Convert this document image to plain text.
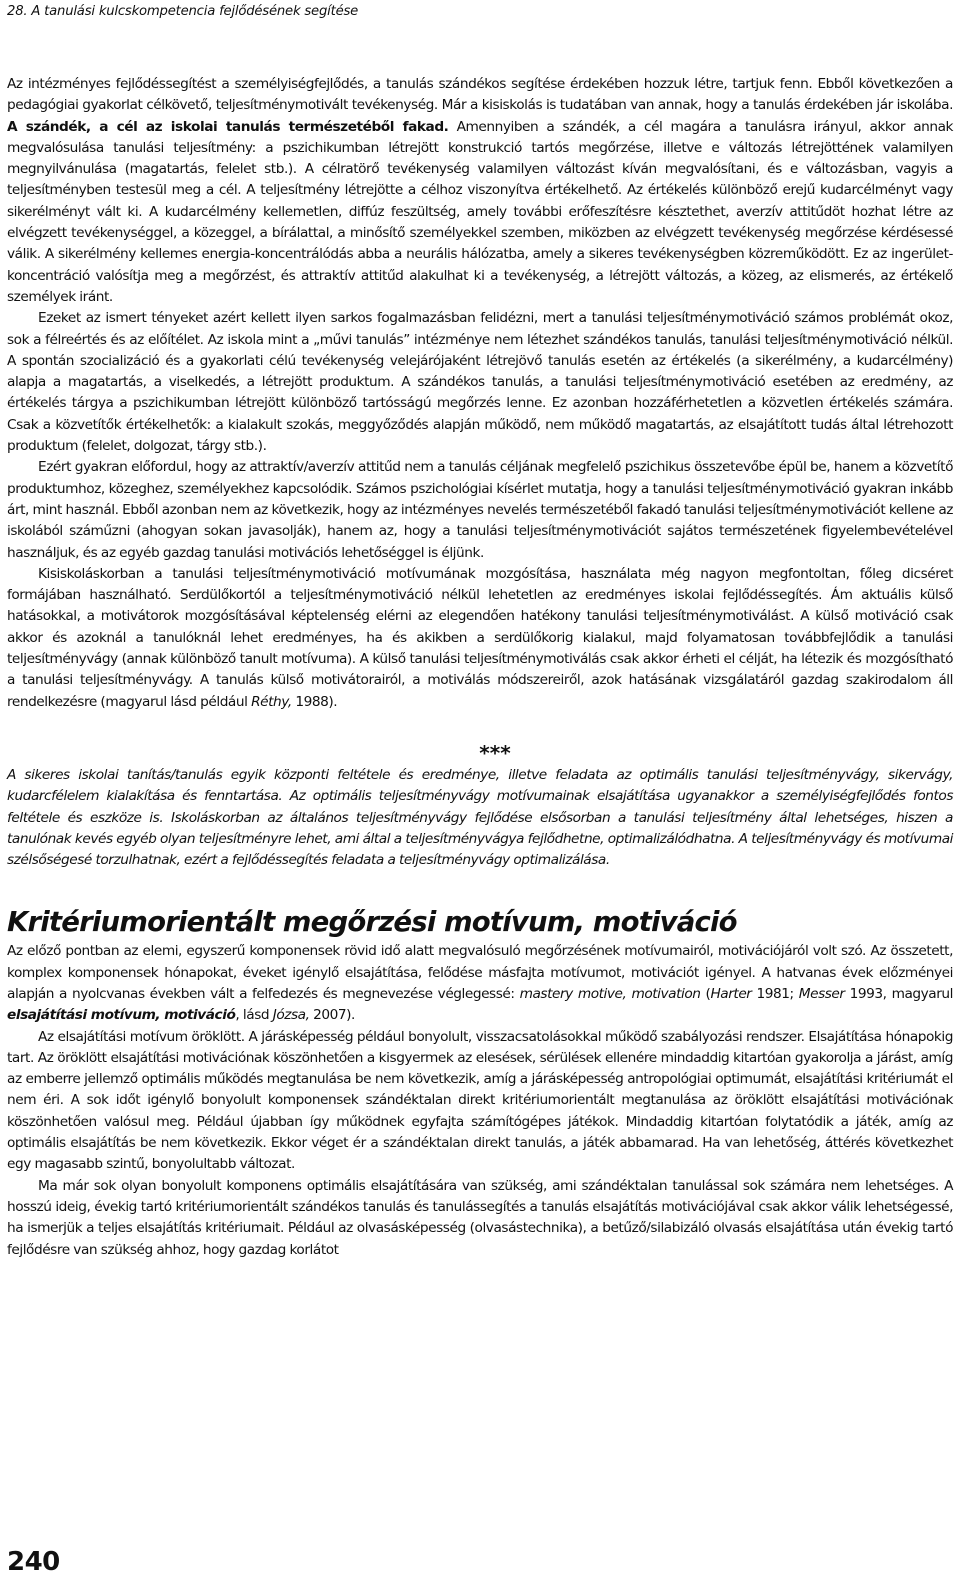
28. A tanulási kulcskompetencia fejlődésének segítése

Az intézményes fejlődéssegítést a személyiségfejlődés, a tanulás szándékos segítése érdekében hozzuk létre, tartjuk fenn. Ebből következően a pedagógiai gyakorlat célkövető, teljesítménymotivált tevékenység. Már a kisiskolás is tudatában van annak, hogy a tanulás érdekében jár iskolába. A szándék, a cél az iskolai tanulás természetéből fakad. Amennyiben a szándék, a cél magára a tanulásra irányul, akkor annak megvalósulása tanulási teljesítmény: a pszichikumban létrejött konstrukció tartós megőrzése, illetve e változás létrejöttének valamilyen megnyilvánulása (magatartás, felelet stb.). A célratörő tevékenység valamilyen változást kíván megvalósítani, és e változásban, vagyis a teljesítményben testesül meg a cél. A teljesítmény létrejötte a célhoz viszonyítva értékelhető. Az értékelés különböző erejű kudarcélményt vagy sikerélményt vált ki. A kudarcélmény kellemetlen, diffúz feszültség, amely további erőfeszítésre késztethet, averzív attitűdöt hozhat létre az elvégzett tevékenységgel, a közeggel, a bírálattal, a minősítő személyekkel szemben, miközben az elvégzett tevékenység megőrzése kérdésessé válik. A sikerélmény kellemes energia-koncentrálódás abba a neurális hálózatba, amely a sikeres tevékenységben közreműködött. Ez az ingerület-koncentráció valósítja meg a megőrzést, és attraktív attitűd alakulhat ki a tevékenység, a létrejött változás, a közeg, az elismerés, az értékelő személyek iránt.

Ezeket az ismert tényeket azért kellett ilyen sarkos fogalmazásban felidézni, mert a tanulási teljesítménymotiváció számos problémát okoz, sok a félreértés és az előítélet. Az iskola mint a „művi tanulás” intézménye nem létezhet szándékos tanulás, tanulási teljesítménymotiváció nélkül. A spontán szocializáció és a gyakorlati célú tevékenység velejárójaként létrejövő tanulás esetén az értékelés (a sikerélmény, a kudarcélmény) alapja a magatartás, a viselkedés, a létrejött produktum. A szándékos tanulás, a tanulási teljesítménymotiváció esetében az eredmény, az értékelés tárgya a pszichikumban létrejött különböző tartósságú megőrzés lenne. Ez azonban hozzáférhetetlen a közvetlen értékelés számára. Csak a közvetítők értékelhetők: a kialakult szokás, meggyőződés alapján működő, nem működő magatartás, az elsajátított tudás által létrehozott produktum (felelet, dolgozat, tárgy stb.).

Ezért gyakran előfordul, hogy az attraktív/averzív attitűd nem a tanulás céljának megfelelő pszichikus összetevőbe épül be, hanem a közvetítő produktumhoz, közeghez, személyekhez kapcsolódik. Számos pszichológiai kísérlet mutatja, hogy a tanulási teljesítménymotiváció gyakran inkább árt, mint használ. Ebből azonban nem az következik, hogy az intézményes nevelés természetéből fakadó tanulási teljesítménymotivációt kellene az iskolából száműzni (ahogyan sokan javasolják), hanem az, hogy a tanulási teljesítménymotivációt sajátos természetének figyelembevételével használjuk, és az egyéb gazdag tanulási motivációs lehetőséggel is éljünk.

Kisiskoláskorban a tanulási teljesítménymotiváció motívumának mozgósítása, használata még nagyon megfontoltan, főleg dicséret formájában használható. Serdülőkortól a teljesítménymotiváció nélkül lehetetlen az eredményes iskolai fejlődéssegítés. Ám aktuális külső hatásokkal, a motivátorok mozgósításával képtelenség elérni az elegendően hatékony tanulási teljesítménymotiválást. A külső motiváció csak akkor és azoknál a tanulóknál lehet eredményes, ha és akikben a serdülőkorig kialakul, majd folyamatosan továbbfejlődik a tanulási teljesítményvágy (annak különböző tanult motívuma). A külső tanulási teljesítménymotiválás csak akkor érheti el célját, ha létezik és mozgósítható a tanulási teljesítményvágy. A tanulás külső motivátorairól, a motiválás módszereiről, azok hatásának vizsgálatáról gazdag szakirodalom áll rendelkezésre (magyarul lásd például Réthy, 1988).

***

A sikeres iskolai tanítás/tanulás egyik központi feltétele és eredménye, illetve feladata az optimális tanulási teljesítményvágy, sikervágy, kudarcfélelem kialakítása és fenntartása. Az optimális teljesítményvágy motívumainak elsajátítása ugyanakkor a személyiségfejlődés fontos feltétele és eszköze is. Iskoláskorban az általános teljesítményvágy fejlődése elsősorban a tanulási teljesítmény által lehetséges, hiszen a tanulónak kevés egyéb olyan teljesítményre lehet, ami által a teljesítményvágya fejlődhetne, optimalizálódhatna. A teljesítményvágy és motívumai szélsőségesé torzulhatnak, ezért a fejlődéssegítés feladata a teljesítményvágy optimalizálása.

Kritériumorientált megőrzési motívum, motiváció

Az előző pontban az elemi, egyszerű komponensek rövid idő alatt megvalósuló megőrzésének motívumairól, motivációjáról volt szó. Az összetett, komplex komponensek hónapokat, éveket igénylő elsajátítása, felődése másfajta motívumot, motivációt igényel. A hatvanas évek előzményei alapján a nyolcvanas években vált a felfedezés és megnevezése véglegessé: mastery motive, motivation (Harter 1981; Messer 1993, magyarul elsajátítási motívum, motiváció, lásd Józsa, 2007).

Az elsajátítási motívum öröklött. A járásképesség például bonyolult, visszacsatolásokkal működő szabályozási rendszer. Elsajátítása hónapokig tart. Az öröklött elsajátítási motivációnak köszönhetően a kisgyermek az elesések, sérülések ellenére mindaddig kitartóan gyakorolja a járást, amíg az emberre jellemző optimális működés megtanulása be nem következik, amíg a járásképesség antropológiai optimumát, elsajátítási kritériumát el nem éri. A sok időt igénylő bonyolult komponensek szándéktalan direkt kritériumorientált megtanulása az öröklött elsajátítási motivációnak köszönhetően valósul meg. Például újabban így működnek egyfajta számítógépes játékok. Mindaddig kitartóan folytatódik a játék, amíg az optimális elsajátítás be nem következik. Ekkor véget ér a szándéktalan direkt tanulás, a játék abbamarad. Ha van lehetőség, áttérés következhet egy magasabb szintű, bonyolultabb változat.

Ma már sok olyan bonyolult komponens optimális elsajátítására van szükség, ami szándéktalan tanulással sok számára nem lehetséges. A hosszú ideig, évekig tartó kritériumorientált szándékos tanulás és tanulássegítés a tanulás elsajátítás motivációjával csak akkor válik lehetségessé, ha ismerjük a teljes elsajátítás kritériumait. Például az olvasásképesség (olvasástechnika), a betűző/silabizáló olvasás elsajátítása után évekig tartó fejlődésre van szükség ahhoz, hogy gazdag korlátot

240
